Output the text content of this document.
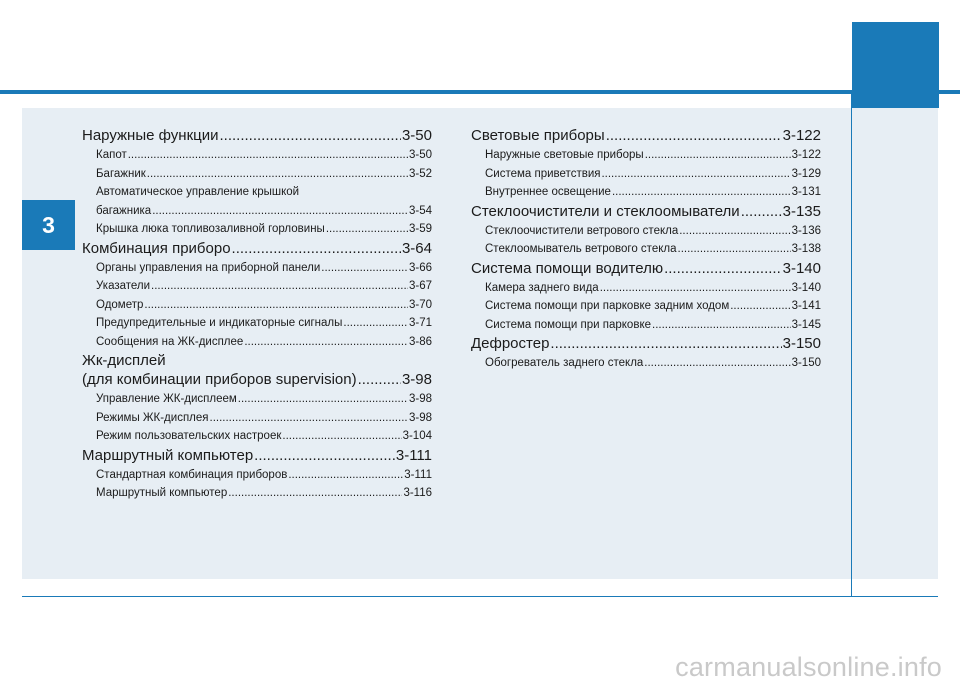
3
Наружные функции .....	3-50
Капот .....	3-50
Багажник .....	3-52
Автоматическое управление крышкой
багажника .....	3-54
Крышка люка топливозаливной горловины .....	3-59
Комбинация приборо .....	3-64
Органы управления на приборной панели .....	3-66
Указатели .....	3-67
Одометр .....	3-70
Предупредительные и индикаторные сигналы .....	3-71
Сообщения на ЖК-дисплее .....	3-86
Жк-дисплей
(для комбинации приборов supervision) .....	3-98
Управление ЖК-дисплеем .....	3-98
Режимы ЖК-дисплея .....	3-98
Режим пользовательских настроек .....	3-104
Маршрутный компьютер .....	3-111
Стандартная комбинация приборов .....	3-111
Маршрутный компьютер .....	3-116
Световые приборы .....	3-122
Наружные световые приборы .....	3-122
Система приветствия .....	3-129
Внутреннее освещение .....	3-131
Стеклоочистители и стеклоомыватели .....	3-135
Стеклоочистители ветрового стекла .....	3-136
Стеклоомыватель ветрового стекла .....	3-138
Система помощи водителю .....	3-140
Камера заднего вида .....	3-140
Система помощи при парковке задним ходом .....	3-141
Система помощи при парковке .....	3-145
Дефростер .....	3-150
Обогреватель заднего стекла .....	3-150
carmanualsonline.info
